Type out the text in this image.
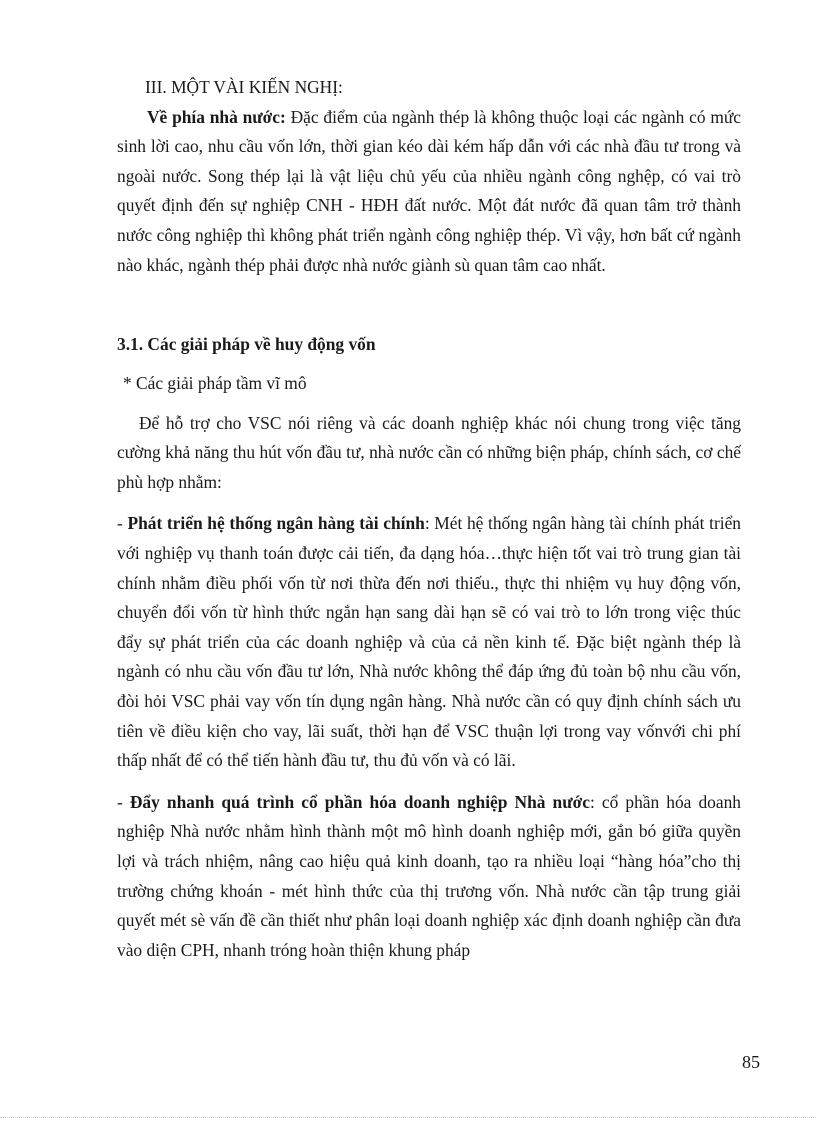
III. MỘT VÀI KIẾN NGHỊ:

Về phía nhà nước: Đặc điểm của ngành thép là không thuộc loại các ngành có mức sinh lời cao, nhu cầu vốn lớn, thời gian kéo dài kém hấp dẫn với các nhà đầu tư trong và ngoài nước. Song thép lại là vật liệu chủ yếu của nhiều ngành công nghệp, có vai trò quyết định đến sự nghiệp CNH - HĐH đất nước. Một đát nước đã quan tâm trở thành nước công nghiệp thì không phát triển ngành công nghiệp thép. Vì vậy, hơn bất cứ ngành nào khác, ngành thép phải được nhà nước giành sù quan tâm cao nhất.

3.1. Các giải pháp về huy động vốn

* Các giải pháp tầm vĩ mô

Để hỗ trợ cho VSC nói riêng và các doanh nghiệp khác nói chung trong việc tăng cường khả năng thu hút vốn đầu tư, nhà nước cần có những biện pháp, chính sách, cơ chế phù hợp nhằm:

- Phát triển hệ thống ngân hàng tài chính: Mét hệ thống ngân hàng tài chính phát triển với nghiệp vụ thanh toán được cải tiến, đa dạng hóa…thực hiện tốt vai trò trung gian tài chính nhằm điều phối vốn từ nơi thừa đến nơi thiếu., thực thi nhiệm vụ huy động vốn, chuyển đổi vốn từ hình thức ngắn hạn sang dài hạn sẽ có vai trò to lớn trong việc thúc đẩy sự phát triển của các doanh nghiệp và của cả nền kinh tế. Đặc biệt ngành thép là ngành có nhu cầu vốn đầu tư lớn, Nhà nước không thể đáp ứng đủ toàn bộ nhu cầu vốn, đòi hỏi VSC phải vay vốn tín dụng ngân hàng. Nhà nước cần có quy định chính sách ưu tiên về điều kiện cho vay, lãi suất, thời hạn để VSC thuận lợi trong vay vốnvới chi phí thấp nhất để có thể tiến hành đầu tư, thu đủ vốn và có lãi.

- Đẩy nhanh quá trình cổ phần hóa doanh nghiệp Nhà nước: cổ phần hóa doanh nghiệp Nhà nước nhằm hình thành một mô hình doanh nghiệp mới, gắn bó giữa quyền lợi và trách nhiệm, nâng cao hiệu quả kinh doanh, tạo ra nhiều loại “hàng hóa”cho thị trường chứng khoán - mét hình thức của thị trương vốn. Nhà nước cần tập trung giải quyết mét sè vấn đề cần thiết như phân loại doanh nghiệp xác định doanh nghiệp cần đưa vào diện CPH, nhanh tróng hoàn thiện khung pháp

85
